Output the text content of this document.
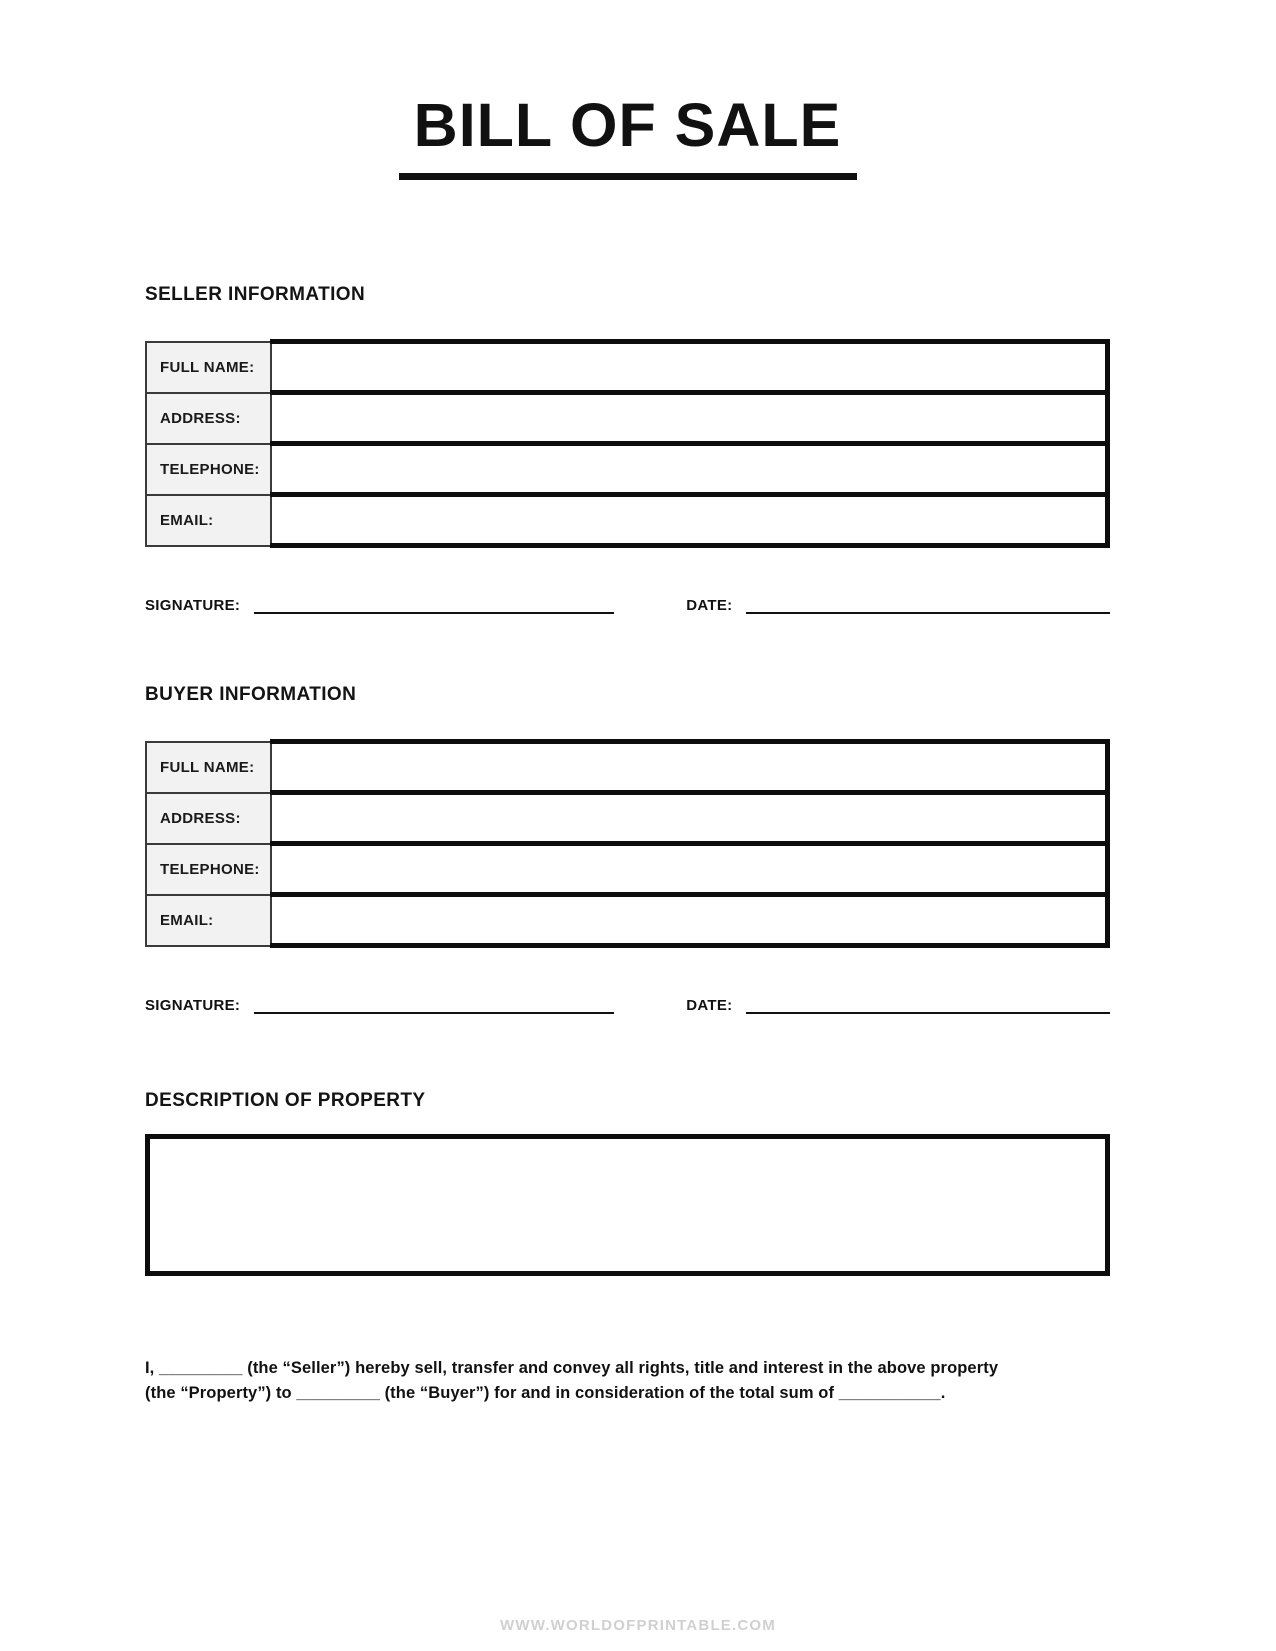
BILL OF SALE
SELLER INFORMATION
FULL NAME:	
ADDRESS:	
TELEPHONE:	
EMAIL:	
SIGNATURE:	DATE:
BUYER INFORMATION
FULL NAME:	
ADDRESS:	
TELEPHONE:	
EMAIL:	
SIGNATURE:	DATE:
DESCRIPTION OF PROPERTY
I, _________ (the “Seller”) hereby sell, transfer and convey all rights, title and interest in the above property
(the “Property”) to _________ (the “Buyer”) for and in consideration of the total sum of ___________.
WWW.WORLDOFPRINTABLE.COM
